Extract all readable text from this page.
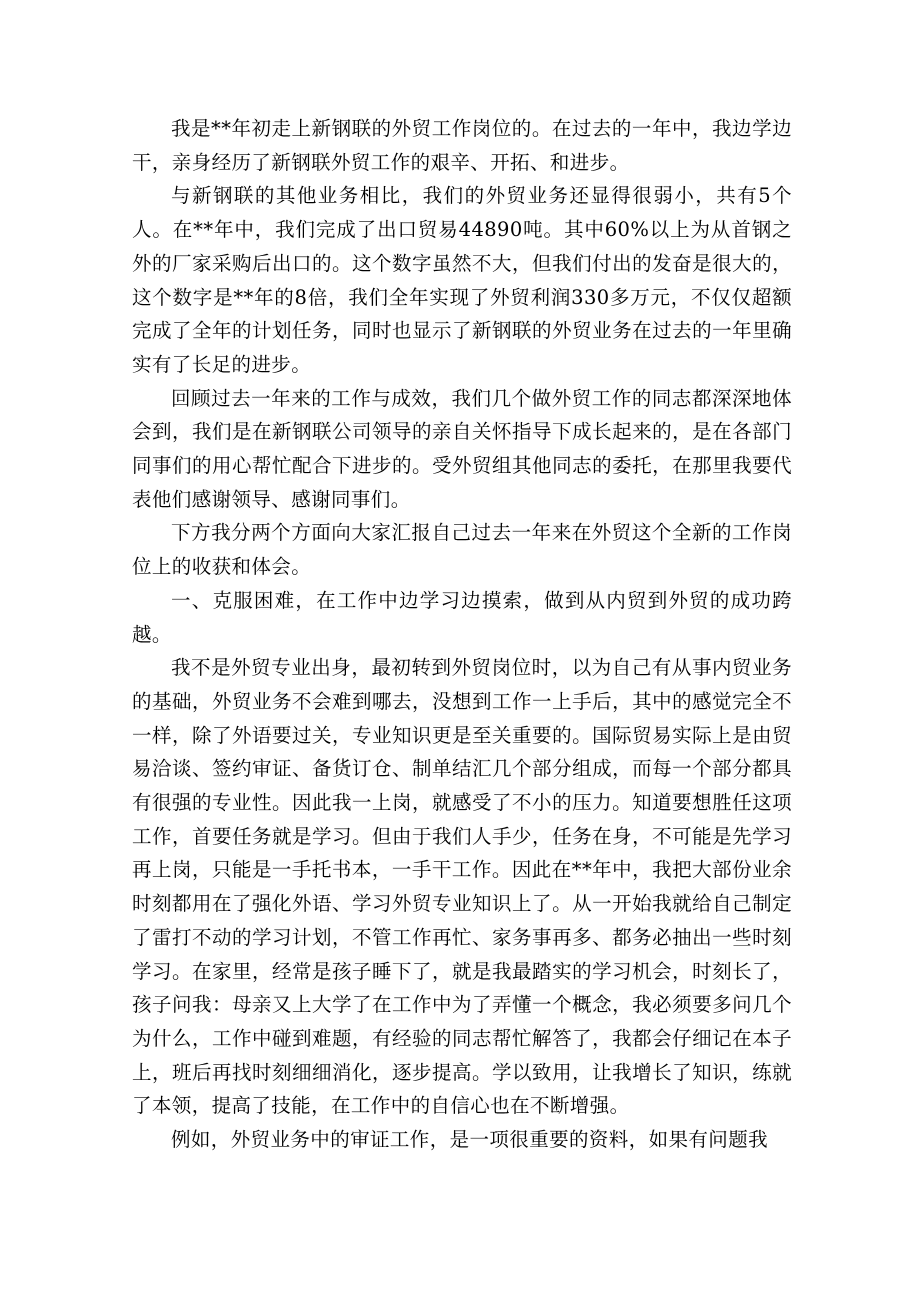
我是**年初走上新钢联的外贸工作岗位的。在过去的一年中，我边学边干，亲身经历了新钢联外贸工作的艰辛、开拓、和进步。

与新钢联的其他业务相比，我们的外贸业务还显得很弱小，共有5个人。在**年中，我们完成了出口贸易44890吨。其中60%以上为从首钢之外的厂家采购后出口的。这个数字虽然不大，但我们付出的发奋是很大的，这个数字是**年的8倍，我们全年实现了外贸利润330多万元，不仅仅超额完成了全年的计划任务，同时也显示了新钢联的外贸业务在过去的一年里确实有了长足的进步。

回顾过去一年来的工作与成效，我们几个做外贸工作的同志都深深地体会到，我们是在新钢联公司领导的亲自关怀指导下成长起来的，是在各部门同事们的用心帮忙配合下进步的。受外贸组其他同志的委托，在那里我要代表他们感谢领导、感谢同事们。

下方我分两个方面向大家汇报自己过去一年来在外贸这个全新的工作岗位上的收获和体会。

一、克服困难，在工作中边学习边摸索，做到从内贸到外贸的成功跨越。

我不是外贸专业出身，最初转到外贸岗位时，以为自己有从事内贸业务的基础，外贸业务不会难到哪去，没想到工作一上手后，其中的感觉完全不一样，除了外语要过关，专业知识更是至关重要的。国际贸易实际上是由贸易洽谈、签约审证、备货订仓、制单结汇几个部分组成，而每一个部分都具有很强的专业性。因此我一上岗，就感受了不小的压力。知道要想胜任这项工作，首要任务就是学习。但由于我们人手少，任务在身，不可能是先学习再上岗，只能是一手托书本，一手干工作。因此在**年中，我把大部份业余时刻都用在了强化外语、学习外贸专业知识上了。从一开始我就给自己制定了雷打不动的学习计划，不管工作再忙、家务事再多、都务必抽出一些时刻学习。在家里，经常是孩子睡下了，就是我最踏实的学习机会，时刻长了，孩子问我：母亲又上大学了在工作中为了弄懂一个概念，我必须要多问几个为什么，工作中碰到难题，有经验的同志帮忙解答了，我都会仔细记在本子上，班后再找时刻细细消化，逐步提高。学以致用，让我增长了知识，练就了本领，提高了技能，在工作中的自信心也在不断增强。

例如，外贸业务中的审证工作，是一项很重要的资料，如果有问题我
